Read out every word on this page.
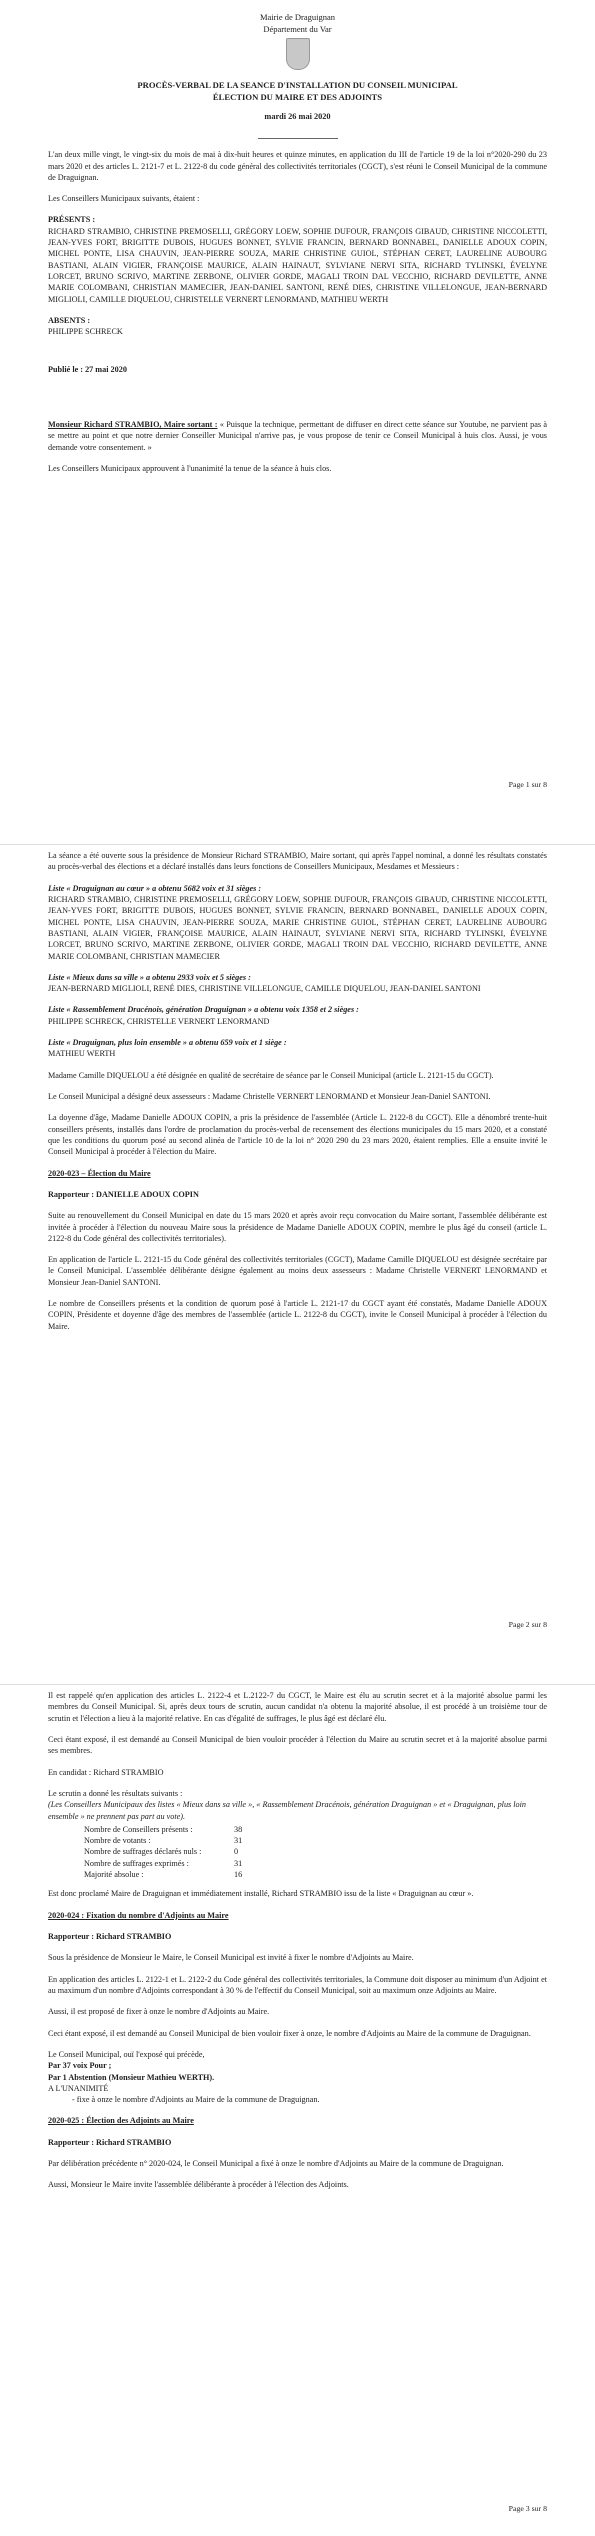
Mairie de Draguignan
Département du Var
PROCÈS-VERBAL DE LA SEANCE D'INSTALLATION DU CONSEIL MUNICIPAL
ÉLECTION DU MAIRE ET DES ADJOINTS
mardi 26 mai 2020

L'an deux mille vingt, le vingt-six du mois de mai à dix-huit heures et quinze minutes, en application du III de l'article 19 de la loi n°2020-290 du 23 mars 2020 et des articles L. 2121-7 et L. 2122-8 du code général des collectivités territoriales (CGCT), s'est réuni le Conseil Municipal de la commune de Draguignan.

Les Conseillers Municipaux suivants, étaient :

PRÉSENTS :

RICHARD STRAMBIO, CHRISTINE PREMOSELLI, GRÉGORY LOEW, SOPHIE DUFOUR, FRANÇOIS GIBAUD, CHRISTINE NICCOLETTI, JEAN-YVES FORT, BRIGITTE DUBOIS, HUGUES BONNET, SYLVIE FRANCIN, BERNARD BONNABEL, DANIELLE ADOUX COPIN, MICHEL PONTE, LISA CHAUVIN, JEAN-PIERRE SOUZA, MARIE CHRISTINE GUIOL, STÉPHAN CERET, LAURELINE AUBOURG BASTIANI, ALAIN VIGIER, FRANÇOISE MAURICE, ALAIN HAINAUT, SYLVIANE NERVI SITA, RICHARD TYLINSKI, ÉVELYNE LORCET, BRUNO SCRIVO, MARTINE ZERBONE, OLIVIER GORDE, MAGALI TROIN DAL VECCHIO, RICHARD DEVILETTE, ANNE MARIE COLOMBANI, CHRISTIAN MAMECIER, JEAN-DANIEL SANTONI, RENÉ DIES, CHRISTINE VILLELONGUE, JEAN-BERNARD MIGLIOLI, CAMILLE DIQUELOU, CHRISTELLE VERNERT LENORMAND, MATHIEU WERTH

ABSENTS :

PHILIPPE SCHRECK

Publié le : 27 mai 2020

Monsieur Richard STRAMBIO, Maire sortant : « Puisque la technique, permettant de diffuser en direct cette séance sur Youtube, ne parvient pas à se mettre au point et que notre dernier Conseiller Municipal n'arrive pas, je vous propose de tenir ce Conseil Municipal à huis clos. Aussi, je vous demande votre consentement. »

Les Conseillers Municipaux approuvent à l'unanimité la tenue de la séance à huis clos.

Page 1 sur 8

La séance a été ouverte sous la présidence de Monsieur Richard STRAMBIO, Maire sortant, qui après l'appel nominal, a donné les résultats constatés au procès-verbal des élections et a déclaré installés dans leurs fonctions de Conseillers Municipaux, Mesdames et Messieurs :

Liste « Draguignan au cœur » a obtenu 5682 voix et 31 sièges :

RICHARD STRAMBIO, CHRISTINE PREMOSELLI, GRÉGORY LOEW, SOPHIE DUFOUR, FRANÇOIS GIBAUD, CHRISTINE NICCOLETTI, JEAN-YVES FORT, BRIGITTE DUBOIS, HUGUES BONNET, SYLVIE FRANCIN, BERNARD BONNABEL, DANIELLE ADOUX COPIN, MICHEL PONTE, LISA CHAUVIN, JEAN-PIERRE SOUZA, MARIE CHRISTINE GUIOL, STÉPHAN CERET, LAURELINE AUBOURG BASTIANI, ALAIN VIGIER, FRANÇOISE MAURICE, ALAIN HAINAUT, SYLVIANE NERVI SITA, RICHARD TYLINSKI, ÉVELYNE LORCET, BRUNO SCRIVO, MARTINE ZERBONE, OLIVIER GORDE, MAGALI TROIN DAL VECCHIO, RICHARD DEVILETTE, ANNE MARIE COLOMBANI, CHRISTIAN MAMECIER

Liste « Mieux dans sa ville » a obtenu 2933 voix et 5 sièges :

JEAN-BERNARD MIGLIOLI, RENÉ DIES, CHRISTINE VILLELONGUE, CAMILLE DIQUELOU, JEAN-DANIEL SANTONI

Liste « Rassemblement Dracénois, génération Draguignan » a obtenu voix 1358 et 2 sièges :

PHILIPPE SCHRECK, CHRISTELLE VERNERT LENORMAND

Liste « Draguignan, plus loin ensemble » a obtenu 659 voix et 1 siège :

MATHIEU WERTH

Madame Camille DIQUELOU a été désignée en qualité de secrétaire de séance par le Conseil Municipal (article L. 2121-15 du CGCT).

Le Conseil Municipal a désigné deux assesseurs : Madame Christelle VERNERT LENORMAND et Monsieur Jean-Daniel SANTONI.

La doyenne d'âge, Madame Danielle ADOUX COPIN, a pris la présidence de l'assemblée (Article L. 2122-8 du CGCT). Elle a dénombré trente-huit conseillers présents, installés dans l'ordre de proclamation du procès-verbal de recensement des élections municipales du 15 mars 2020, et a constaté que les conditions du quorum posé au second alinéa de l'article 10 de la loi n° 2020 290 du 23 mars 2020, étaient remplies. Elle a ensuite invité le Conseil Municipal à procéder à l'élection du Maire.

2020-023 – Élection du Maire

Rapporteur : DANIELLE ADOUX COPIN

Suite au renouvellement du Conseil Municipal en date du 15 mars 2020 et après avoir reçu convocation du Maire sortant, l'assemblée délibérante est invitée à procéder à l'élection du nouveau Maire sous la présidence de Madame Danielle ADOUX COPIN, membre le plus âgé du conseil (article L. 2122-8 du Code général des collectivités territoriales).

En application de l'article L. 2121-15 du Code général des collectivités territoriales (CGCT), Madame Camille DIQUELOU est désignée secrétaire par le Conseil Municipal. L'assemblée délibérante désigne également au moins deux assesseurs : Madame Christelle VERNERT LENORMAND et Monsieur Jean-Daniel SANTONI.

Le nombre de Conseillers présents et la condition de quorum posé à l'article L. 2121-17 du CGCT ayant été constatés, Madame Danielle ADOUX COPIN, Présidente et doyenne d'âge des membres de l'assemblée (article L. 2122-8 du CGCT), invite le Conseil Municipal à procéder à l'élection du Maire.

Page 2 sur 8

Il est rappelé qu'en application des articles L. 2122-4 et L.2122-7 du CGCT, le Maire est élu au scrutin secret et à la majorité absolue parmi les membres du Conseil Municipal. Si, après deux tours de scrutin, aucun candidat n'a obtenu la majorité absolue, il est procédé à un troisième tour de scrutin et l'élection a lieu à la majorité relative. En cas d'égalité de suffrages, le plus âgé est déclaré élu.

Ceci étant exposé, il est demandé au Conseil Municipal de bien vouloir procéder à l'élection du Maire au scrutin secret et à la majorité absolue parmi ses membres.

En candidat : Richard STRAMBIO

Le scrutin a donné les résultats suivants :
(Les Conseillers Municipaux des listes « Mieux dans sa ville », « Rassemblement Dracénois, génération Draguignan » et « Draguignan, plus loin ensemble » ne prennent pas part au vote).
Nombre de Conseillers présents :	38
Nombre de votants :	31
Nombre de suffrages déclarés nuls :	0
Nombre de suffrages exprimés :	31
Majorité absolue :	16

Est donc proclamé Maire de Draguignan et immédiatement installé, Richard STRAMBIO issu de la liste « Draguignan au cœur ».

2020-024 : Fixation du nombre d'Adjoints au Maire

Rapporteur : Richard STRAMBIO

Sous la présidence de Monsieur le Maire, le Conseil Municipal est invité à fixer le nombre d'Adjoints au Maire.

En application des articles L. 2122-1 et L. 2122-2 du Code général des collectivités territoriales, la Commune doit disposer au minimum d'un Adjoint et au maximum d'un nombre d'Adjoints correspondant à 30 % de l'effectif du Conseil Municipal, soit au maximum onze Adjoints au Maire.

Aussi, il est proposé de fixer à onze le nombre d'Adjoints au Maire.

Ceci étant exposé, il est demandé au Conseil Municipal de bien vouloir fixer à onze, le nombre d'Adjoints au Maire de la commune de Draguignan.

Le Conseil Municipal, ouï l'exposé qui précède,
Par 37 voix Pour ;
Par 1 Abstention (Monsieur Mathieu WERTH).
A L'UNANIMITÉ

- fixe à onze le nombre d'Adjoints au Maire de la commune de Draguignan.

2020-025 : Élection des Adjoints au Maire

Rapporteur : Richard STRAMBIO

Par délibération précédente n° 2020-024, le Conseil Municipal a fixé à onze le nombre d'Adjoints au Maire de la commune de Draguignan.

Aussi, Monsieur le Maire invite l'assemblée délibérante à procéder à l'élection des Adjoints.

Page 3 sur 8
